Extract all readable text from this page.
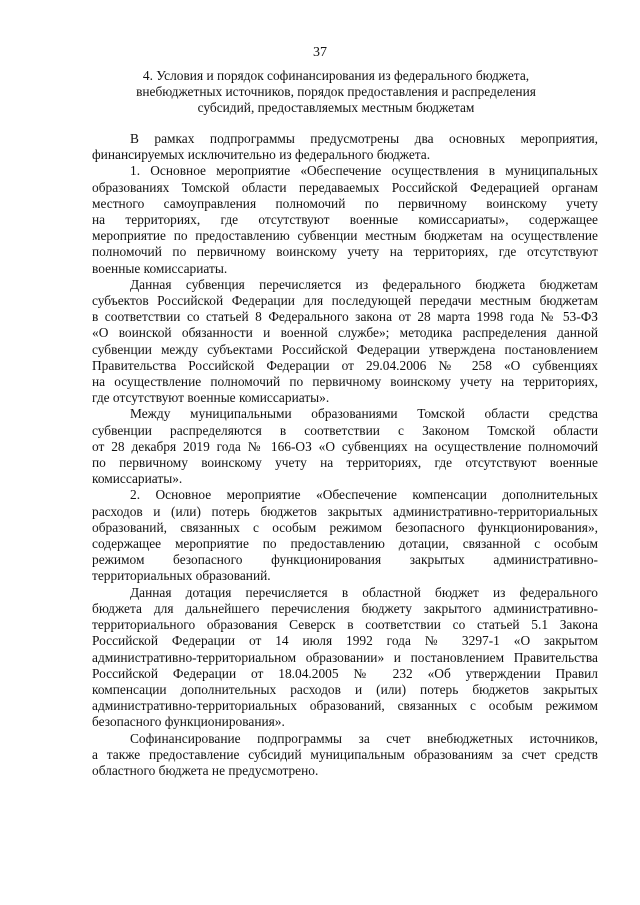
37
4. Условия и порядок софинансирования из федерального бюджета,
внебюджетных источников, порядок предоставления и распределения
субсидий, предоставляемых местным бюджетам
В рамках подпрограммы предусмотрены два основных мероприятия,
финансируемых исключительно из федерального бюджета.
1. Основное мероприятие «Обеспечение осуществления в муниципальных
образованиях Томской области передаваемых Российской Федерацией органам
местного самоуправления полномочий по первичному воинскому учету
на территориях, где отсутствуют военные комиссариаты», содержащее
мероприятие по предоставлению субвенции местным бюджетам на осуществление
полномочий по первичному воинскому учету на территориях, где отсутствуют
военные комиссариаты.
Данная субвенция перечисляется из федерального бюджета бюджетам
субъектов Российской Федерации для последующей передачи местным бюджетам
в соответствии со статьей 8 Федерального закона от 28 марта 1998 года № 53-ФЗ
«О воинской обязанности и военной службе»; методика распределения данной
субвенции между субъектами Российской Федерации утверждена постановлением
Правительства Российской Федерации от 29.04.2006 № 258 «О субвенциях
на осуществление полномочий по первичному воинскому учету на территориях,
где отсутствуют военные комиссариаты».
Между муниципальными образованиями Томской области средства
субвенции распределяются в соответствии с Законом Томской области
от 28 декабря 2019 года № 166-ОЗ «О субвенциях на осуществление полномочий
по первичному воинскому учету на территориях, где отсутствуют военные
комиссариаты».
2. Основное мероприятие «Обеспечение компенсации дополнительных
расходов и (или) потерь бюджетов закрытых административно-территориальных
образований, связанных с особым режимом безопасного функционирования»,
содержащее мероприятие по предоставлению дотации, связанной с особым
режимом безопасного функционирования закрытых административно-
территориальных образований.
Данная дотация перечисляется в областной бюджет из федерального
бюджета для дальнейшего перечисления бюджету закрытого административно-
территориального образования Северск в соответствии со статьей 5.1 Закона
Российской Федерации от 14 июля 1992 года № 3297-1 «О закрытом
административно-территориальном образовании» и постановлением Правительства
Российской Федерации от 18.04.2005 № 232 «Об утверждении Правил
компенсации дополнительных расходов и (или) потерь бюджетов закрытых
административно-территориальных образований, связанных с особым режимом
безопасного функционирования».
Софинансирование подпрограммы за счет внебюджетных источников,
а также предоставление субсидий муниципальным образованиям за счет средств
областного бюджета не предусмотрено.
